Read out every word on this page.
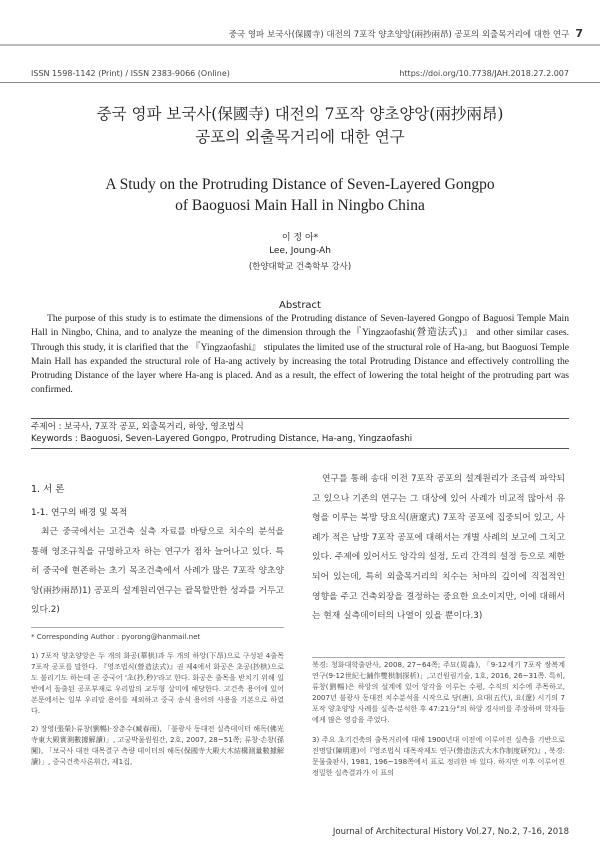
중국 영파 보국사(保國寺) 대전의 7포작 양초양앙(兩抄兩昂) 공포의 외출목거리에 대한 연구 7
ISSN 1598-1142 (Print) / ISSN 2383-9066 (Online)	https://doi.org/10.7738/JAH.2018.27.2.007
중국 영파 보국사(保國寺) 대전의 7포작 양초양앙(兩抄兩昂)
공포의 외출목거리에 대한 연구
A Study on the Protruding Distance of Seven-Layered Gongpo
of Baoguosi Main Hall in Ningbo China
이 정 아*
Lee, Joung-Ah
(한양대학교 건축학부 강사)
Abstract
The purpose of this study is to estimate the dimensions of the Protruding distance of Seven-layered Gongpo of Baguosi Temple Main Hall in Ningbo, China, and to analyze the meaning of the dimension through the『Yingzaofashi(營造法式)』 and other similar cases. Through this study, it is clarified that the 『Yingzaofashi』 stipulates the limited use of the structural role of Ha-ang, but Baoguosi Temple Main Hall has expanded the structural role of Ha-ang actively by increasing the total Protruding Distance and effectively controlling the Protruding Distance of the layer where Ha-ang is placed. And as a result, the effect of lowering the total height of the protruding part was confirmed.
주제어 : 보국사, 7포작 공포, 외출목거리, 하앙, 영조법식
Keywords : Baoguosi, Seven-Layered Gongpo, Protruding Distance, Ha-ang, Yingzaofashi
1. 서 론
1-1. 연구의 배경 및 목적
최근 중국에서는 고건축 실측 자료를 바탕으로 치수의 분석을 통해 영조규칙을 규명하고자 하는 연구가 점차 늘어나고 있다. 특히 중국에 현존하는 초기 목조건축에서 사례가 많은 7포작 양초양앙(兩抄兩昂)1) 공포의 설계원리연구는 괄목할만한 성과를 거두고 있다.2)
연구를 통해 송대 이전 7포작 공포의 설계원리가 조금씩 파악되고 있으나 기존의 연구는 그 대상에 있어 사례가 비교적 많아서 유형을 이루는 북방 당요식(唐遼式) 7포작 공포에 집중되어 있고, 사례가 적은 남방 7포작 공포에 대해서는 개별 사례의 보고에 그치고 있다. 주제에 있어서도 앙각의 설정, 도리 간격의 설정 등으로 제한되어 있는데, 특히 외출목거리의 치수는 처마의 깊이에 직접적인 영향을 주고 건축외장을 결정하는 중요한 요소이지만, 이에 대해서는 현재 실측데이터의 나열이 있을 뿐이다.3)
* Corresponding Author : pyorong@hanmail.net
1) 7포작 양초양앙은 두 개의 화공(華栱)과 두 개의 하앙(下昂)으로 구성된 4출목 7포작 공포를 말한다. 『영조법식(營造法式)』권 제4에서 화공은 초공(抄栱)으로도 불리기도 하는데 곧 중국어 '초(抄,秒)'라고 한다. 화공은 출목을 받치기 위해 일반에서 돌출된 공포부재로 우리말의 교두형 살미에 해당한다. 고건축 용어에 있어 본문에서는 일부 우리말 용어를 제외하고 중국 송식 용어의 사용을 기본으로 하였다.
2) 장영(張榮)·류창(劉暢)·장춘수(臧春雨), 「불광사 동대전 실측데이터 해독(佛光寺東大殿實測數據解讀)」, 고궁박물원원간, 2호, 2007, 28~51쪽; 류창·손창(孫闖), 「보국사 대전 대목결구 측량 데이터의 해독(保國寺大殿大木結構測量數據解讀)」, 중국건축사론휘간, 제1집,
북경: 청화대학출판사, 2008, 27~64쪽; 주묘(周淼), 「9-12세기 7포작 쌍복계 연구(9-12世紀七鋪作雙栱制探析)」,고건원림기술, 1호, 2016, 26~31쪽. 특히, 류창(劉暢)은 하앙의 설계에 있어 앙각을 이루는 수평, 수직의 치수에 주목하고, 2007년 불광사 동대전 치수분석을 시작으로 당(唐), 요대(五代), 요(遼) 시기의 7포작 양초양앙 사례를 실측-분석한 후 47:21分°의 하앙 경사비를 주장하며 학자들에게 많은 영감을 주었다.
3) 주요 초기건축의 출목거리에 대해 1900년대 이전에 이루어진 실측을 기반으로 진명달(陳明達)이『영조법식 대목작제도 연구(營造法式大木作制度研究)』, 북경: 문물출판사, 1981, 196~198쪽에서 표로 정리한 바 있다. 하지만 이후 이루어진 정밀한 실측결과가 이 표의
Journal of Architectural History Vol.27, No.2, 7-16, 2018
